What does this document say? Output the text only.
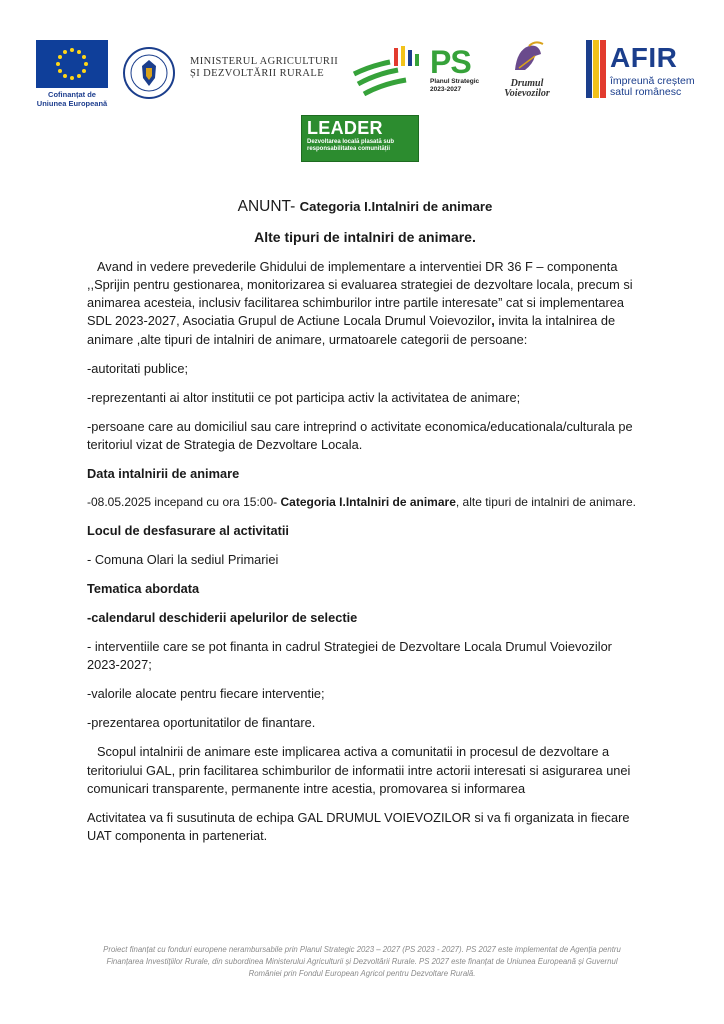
Cofinanțat de Uniunea Europeană
MINISTERUL AGRICULTURII
ȘI DEZVOLTĂRII RURALE	PS
Planul Strategic
2023-2027
Drumul
Voievozilor
AFIR
împreună creștem satul românesc
LEADER
Dezvoltarea locală plasată sub responsabilitatea comunității
ANUNT- Categoria I.Intalniri de animare
Alte tipuri de intalniri de animare.

Avand in vedere prevederile Ghidului de implementare a interventiei DR 36 F – componenta ,,Sprijin pentru gestionarea, monitorizarea si evaluarea strategiei de dezvoltare locala, precum si animarea acesteia, inclusiv facilitarea schimburilor intre partile interesate” cat si implementarea SDL 2023-2027, Asociatia Grupul de Actiune Locala Drumul Voievozilor, invita la intalnirea de animare ,alte tipuri de intalniri de animare, urmatoarele categorii de persoane:

-autoritati publice;

-reprezentanti ai altor institutii ce pot participa activ la activitatea de animare;

-persoane care au domiciliul sau care intreprind o activitate economica/educationala/culturala pe teritoriul vizat de Strategia de Dezvoltare Locala.

Data intalnirii de animare

-08.05.2025 incepand cu ora 15:00- Categoria I.Intalniri de animare, alte tipuri de intalniri de animare.

Locul de desfasurare al activitatii

- Comuna Olari la sediul Primariei

Tematica abordata

-calendarul deschiderii apelurilor de selectie

- interventiile care se pot finanta in cadrul Strategiei de Dezvoltare Locala Drumul Voievozilor 2023-2027;

-valorile alocate pentru fiecare interventie;

-prezentarea oportunitatilor de finantare.

Scopul intalnirii de animare este implicarea activa a comunitatii in procesul de dezvoltare a teritoriului GAL, prin facilitarea schimburilor de informatii intre actorii interesati si asigurarea unei comunicari transparente, permanente intre acestia, promovarea si informarea

Activitatea va fi susutinuta de echipa GAL DRUMUL VOIEVOZILOR si va fi organizata in fiecare UAT componenta in parteneriat.

Proiect finanțat cu fonduri europene nerambursabile prin Planul Strategic 2023 – 2027 (PS 2023 - 2027). PS 2027 este implementat de Agenția pentru Finanțarea Investițiilor Rurale, din subordinea Ministerului Agriculturii și Dezvoltării Rurale. PS 2027 este finanțat de Uniunea Europeană și Guvernul României prin Fondul European Agricol pentru Dezvoltare Rurală.
